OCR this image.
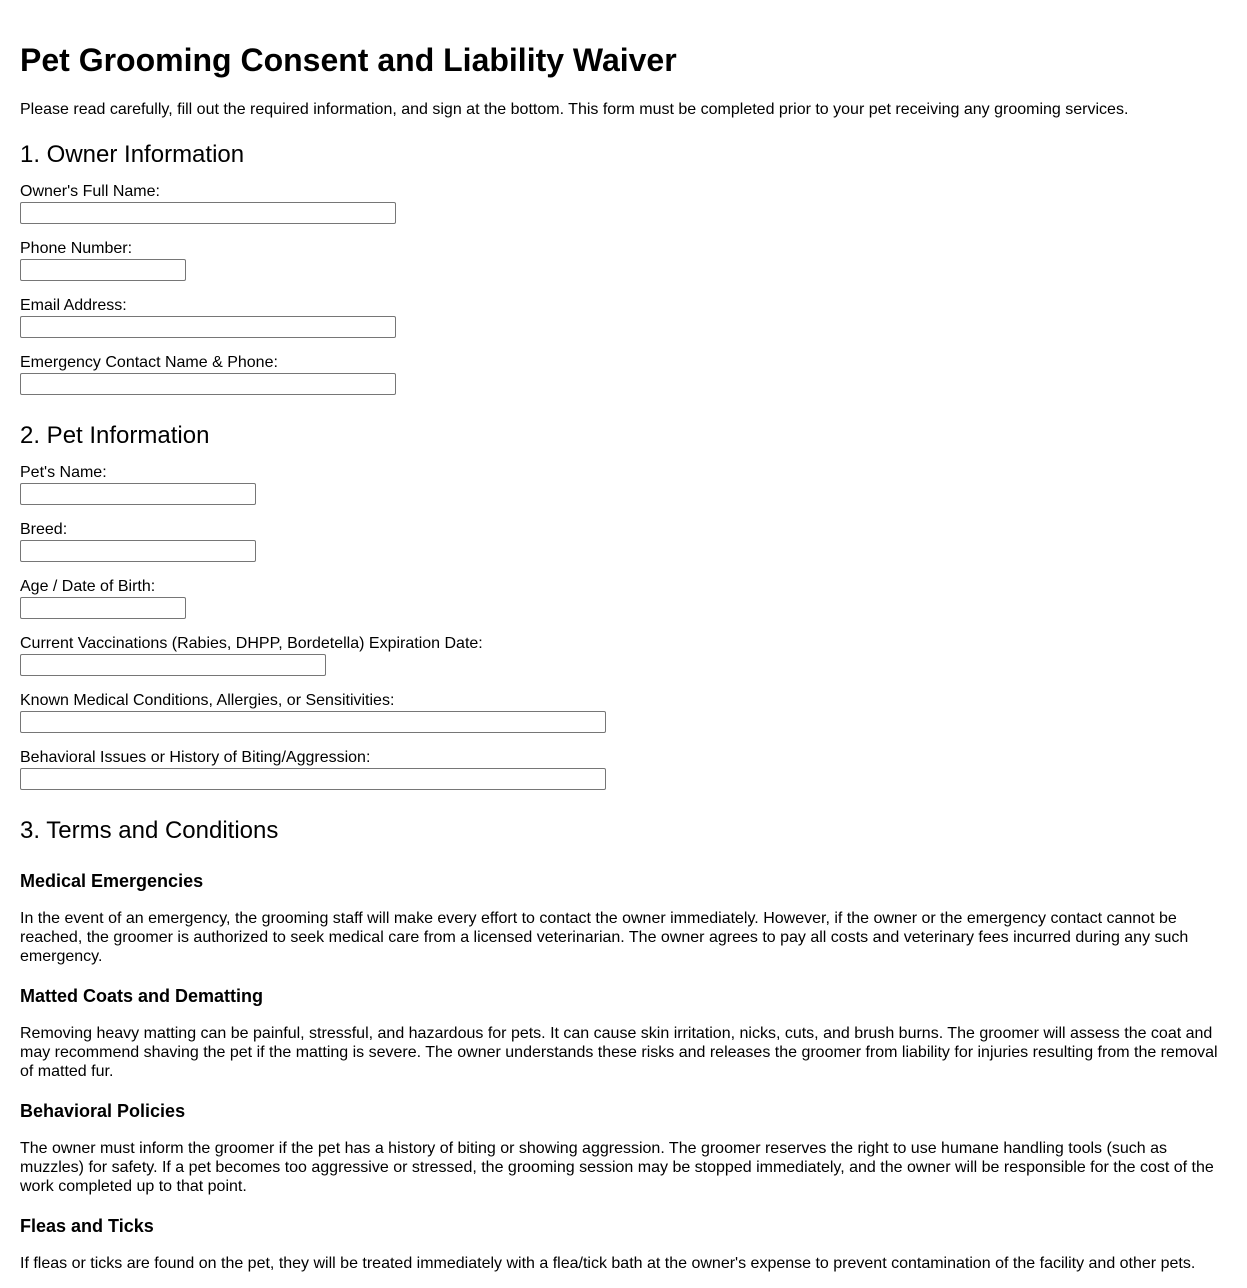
Pet Grooming Consent and Liability Waiver

Please read carefully, fill out the required information, and sign at the bottom. This form must be completed prior to your pet receiving any grooming services.

1. Owner Information
Owner's Full Name:
Phone Number:
Email Address:
Emergency Contact Name & Phone:
2. Pet Information
Pet's Name:
Breed:
Age / Date of Birth:
Current Vaccinations (Rabies, DHPP, Bordetella) Expiration Date:
Known Medical Conditions, Allergies, or Sensitivities:
Behavioral Issues or History of Biting/Aggression:
3. Terms and Conditions
Medical Emergencies

In the event of an emergency, the grooming staff will make every effort to contact the owner immediately. However, if the owner or the emergency contact cannot be reached, the groomer is authorized to seek medical care from a licensed veterinarian. The owner agrees to pay all costs and veterinary fees incurred during any such emergency.

Matted Coats and Dematting

Removing heavy matting can be painful, stressful, and hazardous for pets. It can cause skin irritation, nicks, cuts, and brush burns. The groomer will assess the coat and may recommend shaving the pet if the matting is severe. The owner understands these risks and releases the groomer from liability for injuries resulting from the removal of matted fur.

Behavioral Policies

The owner must inform the groomer if the pet has a history of biting or showing aggression. The groomer reserves the right to use humane handling tools (such as muzzles) for safety. If a pet becomes too aggressive or stressed, the grooming session may be stopped immediately, and the owner will be responsible for the cost of the work completed up to that point.

Fleas and Ticks

If fleas or ticks are found on the pet, they will be treated immediately with a flea/tick bath at the owner's expense to prevent contamination of the facility and other pets.
